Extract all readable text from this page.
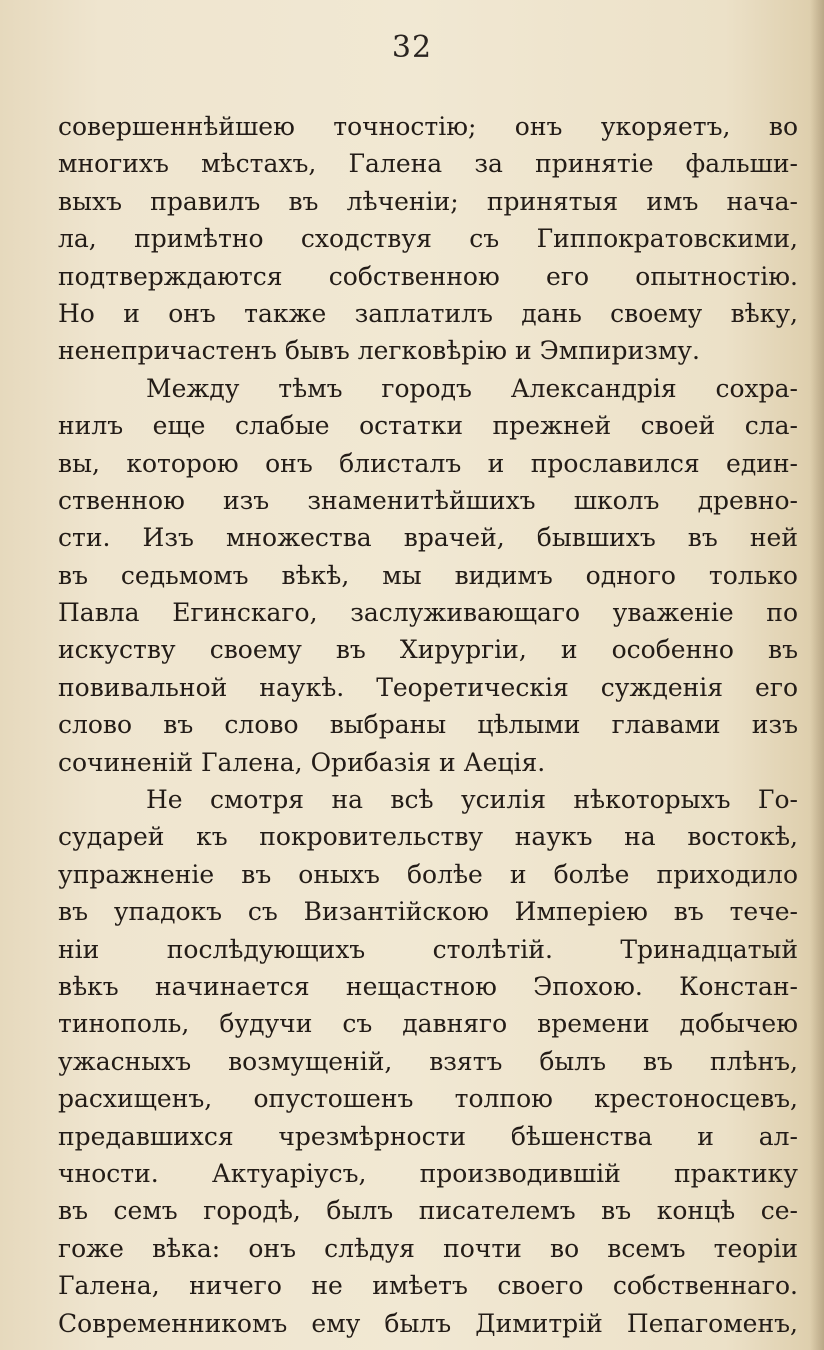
32
совершеннѣйшею точностію; онъ укоряетъ, во
многихъ мѣстахъ, Галена за принятіе фальши-
выхъ правилъ въ лѣченіи; принятыя имъ нача-
ла, примѣтно сходствуя съ Гиппократовскими,
подтверждаются собственною его опытностію.
Но и онъ также заплатилъ дань своему вѣку,
ненепричастенъ бывъ легковѣрію и Эмпиризму.
Между тѣмъ городъ Александрія сохра-
нилъ еще слабые остатки прежней своей сла-
вы, которою онъ блисталъ и прославился един-
ственною изъ знаменитѣйшихъ школъ древно-
сти. Изъ множества врачей, бывшихъ въ ней
въ седьмомъ вѣкѣ, мы видимъ одного только
Павла Егинскаго, заслуживающаго уваженіе по
искуству своему въ Хирургіи, и особенно въ
повивальной наукѣ. Теоретическія сужденія его
слово въ слово выбраны цѣлыми главами изъ
сочиненій Галена, Орибазія и Аеція.
Не смотря на всѣ усилія нѣкоторыхъ Го-
сударей къ покровительству наукъ на востокѣ,
упражненіе въ оныхъ болѣе и болѣе приходило
въ упадокъ съ Византійскою Имперіею въ тече-
ніи послѣдующихъ столѣтій. Тринадцатый
вѣкъ начинается нещастною Эпохою. Констан-
тинополь, будучи съ давняго времени добычею
ужасныхъ возмущеній, взятъ былъ въ плѣнъ,
расхищенъ, опустошенъ толпою крестоносцевъ,
предавшихся чрезмѣрности бѣшенства и ал-
чности. Актуаріусъ, производившій практику
въ семъ городѣ, былъ писателемъ въ концѣ се-
гоже вѣка: онъ слѣдуя почти во всемъ теоріи
Галена, ничего не имѣетъ своего собственнаго.
Современникомъ ему былъ Димитрій Пепагоменъ,
